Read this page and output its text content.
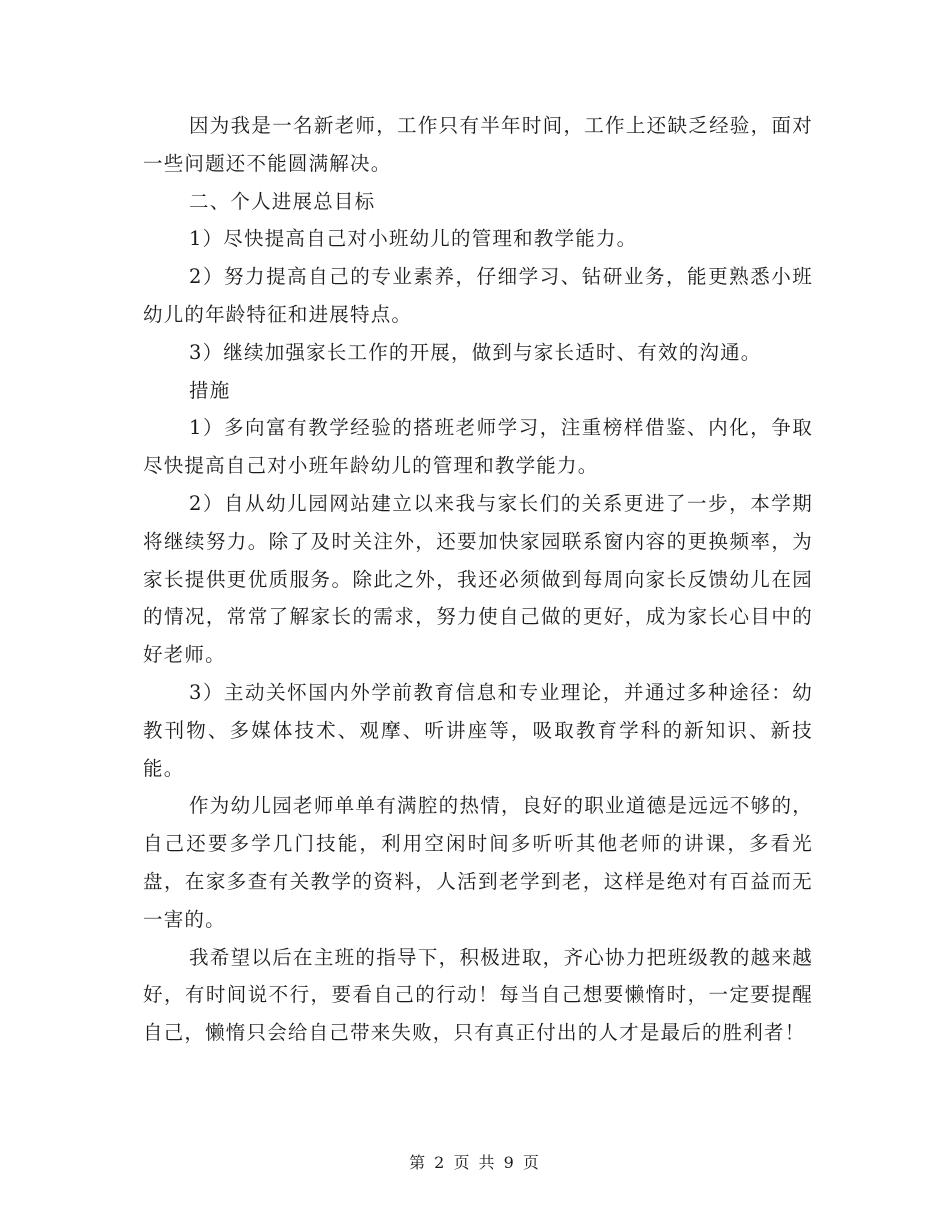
因为我是一名新老师，工作只有半年时间，工作上还缺乏经验，面对一些问题还不能圆满解决。

二、个人进展总目标

1）尽快提高自己对小班幼儿的管理和教学能力。

2）努力提高自己的专业素养，仔细学习、钻研业务，能更熟悉小班幼儿的年龄特征和进展特点。

3）继续加强家长工作的开展，做到与家长适时、有效的沟通。

措施

1）多向富有教学经验的搭班老师学习，注重榜样借鉴、内化，争取尽快提高自己对小班年龄幼儿的管理和教学能力。

2）自从幼儿园网站建立以来我与家长们的关系更进了一步，本学期将继续努力。除了及时关注外，还要加快家园联系窗内容的更换频率，为家长提供更优质服务。除此之外，我还必须做到每周向家长反馈幼儿在园的情况，常常了解家长的需求，努力使自己做的更好，成为家长心目中的好老师。

3）主动关怀国内外学前教育信息和专业理论，并通过多种途径：幼教刊物、多媒体技术、观摩、听讲座等，吸取教育学科的新知识、新技能。

作为幼儿园老师单单有满腔的热情，良好的职业道德是远远不够的，自己还要多学几门技能，利用空闲时间多听听其他老师的讲课，多看光盘，在家多查有关教学的资料，人活到老学到老，这样是绝对有百益而无一害的。

我希望以后在主班的指导下，积极进取，齐心协力把班级教的越来越好，有时间说不行，要看自己的行动！每当自己想要懒惰时，一定要提醒自己，懒惰只会给自己带来失败，只有真正付出的人才是最后的胜利者！

第 2 页 共 9 页
